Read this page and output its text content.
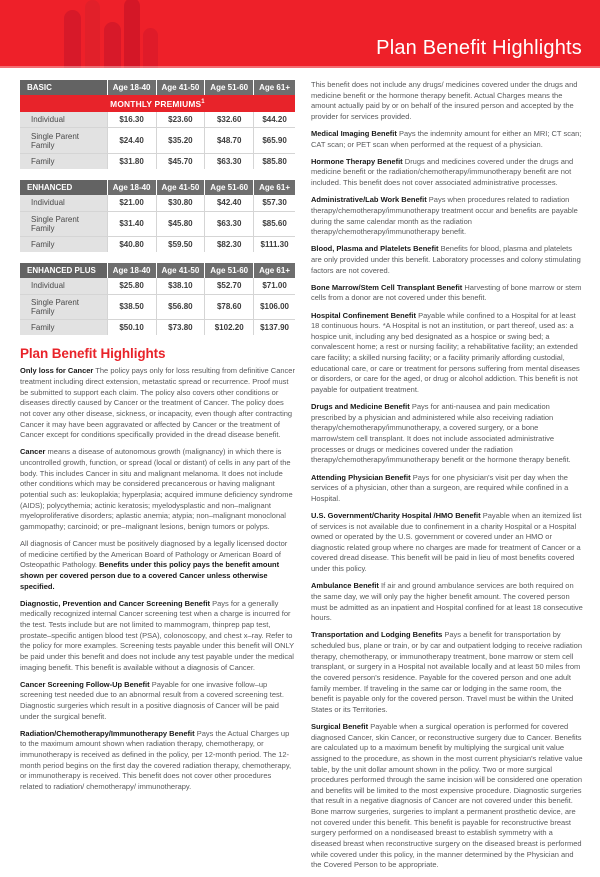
Plan Benefit Highlights
MONTHLY PREMIUMS$^1$
BASIC	Age 18-40	Age 41-50	Age 51-60	Age 61+
Individual	$16.30	$23.60	$32.60	$44.20
Single Parent Family	$24.40	$35.20	$48.70	$65.90
Family	$31.80	$45.70	$63.30	$85.80
ENHANCED	Age 18-40	Age 41-50	Age 51-60	Age 61+
Individual	$21.00	$30.80	$42.40	$57.30
Single Parent Family	$31.40	$45.80	$63.30	$85.60
Family	$40.80	$59.50	$82.30	$111.30
ENHANCED PLUS	Age 18-40	Age 41-50	Age 51-60	Age 61+
Individual	$25.80	$38.10	$52.70	$71.00
Single Parent Family	$38.50	$56.80	$78.60	$106.00
Family	$50.10	$73.80	$102.20	$137.90
Plan Benefit Highlights

Only loss for Cancer The policy pays only for loss resulting from definitive Cancer treatment including direct extension, metastatic spread or recurrence. Proof must be submitted to support each claim. The policy also covers other conditions or diseases directly caused by Cancer or the treatment of Cancer. The policy does not cover any other disease, sickness, or incapacity, even though after contracting Cancer it may have been aggravated or affected by Cancer or the treatment of Cancer except for conditions specifically provided in the dread disease benefit.

Cancer means a disease of autonomous growth (malignancy) in which there is uncontrolled growth, function, or spread (local or distant) of cells in any part of the body. This includes Cancer in situ and malignant melanoma. It does not include other conditions which may be considered precancerous or having malignant potential such as: leukoplakia; hyperplasia; acquired immune deficiency syndrome (AIDS); polycythemia; actinic keratosis; myelodysplastic and non–malignant myeloproliferative disorders; aplastic anemia; atypia; non–malignant monoclonal gammopathy; carcinoid; or pre–malignant lesions, benign tumors or polyps.

All diagnosis of Cancer must be positively diagnosed by a legally licensed doctor of medicine certified by the American Board of Pathology or American Board of Osteopathic Pathology. Benefits under this policy pays the benefit amount shown per covered person due to a covered Cancer unless otherwise specified.

Diagnostic, Prevention and Cancer Screening Benefit Pays for a generally medically recognized internal Cancer screening test when a charge is incurred for the test. Tests include but are not limited to mammogram, thinprep pap test, prostate–specific antigen blood test (PSA), colonoscopy, and chest x–ray. Refer to the policy for more examples. Screening tests payable under this benefit will ONLY be paid under this benefit and does not include any test payable under the medical imaging benefit. This benefit is available without a diagnosis of Cancer.

Cancer Screening Follow-Up Benefit Payable for one invasive follow–up screening test needed due to an abnormal result from a covered screening test. Diagnostic surgeries which result in a positive diagnosis of Cancer will be paid under the surgical benefit.

Radiation/Chemotherapy/Immunotherapy Benefit Pays the Actual Charges up to the maximum amount shown when radiation therapy, chemotherapy, or immunotherapy is received as defined in the policy, per 12-month period. The 12-month period begins on the first day the covered radiation therapy, chemotherapy, or immunotherapy is received. This benefit does not cover other procedures related to radiation/ chemotherapy/ immunotherapy.

This benefit does not include any drugs/ medicines covered under the drugs and medicine benefit or the hormone therapy benefit. Actual Charges means the amount actually paid by or on behalf of the insured person and accepted by the provider for services provided.

Medical Imaging Benefit Pays the indemnity amount for either an MRI; CT scan; CAT scan; or PET scan when performed at the request of a physician.

Hormone Therapy Benefit Drugs and medicines covered under the drugs and medicine benefit or the radiation/chemotherapy/immunotherapy benefit are not included. This benefit does not cover associated administrative processes.

Administrative/Lab Work Benefit Pays when procedures related to radiation therapy/chemotherapy/immunotherapy treatment occur and benefits are payable during the same calendar month as the radiation therapy/chemotherapy/immunotherapy benefit.

Blood, Plasma and Platelets Benefit Benefits for blood, plasma and platelets are only provided under this benefit. Laboratory processes and colony stimulating factors are not covered.

Bone Marrow/Stem Cell Transplant Benefit Harvesting of bone marrow or stem cells from a donor are not covered under this benefit.

Hospital Confinement Benefit Payable while confined to a Hospital for at least 18 continuous hours. *A Hospital is not an institution, or part thereof, used as: a hospice unit, including any bed designated as a hospice or swing bed; a convalescent home; a rest or nursing facility; a rehabilitative facility; an extended care facility; a skilled nursing facility; or a facility primarily affording custodial, educational care, or care or treatment for persons suffering from mental diseases or disorders, or care for the aged, or drug or alcohol addiction. This benefit is not payable for outpatient treatment.

Drugs and Medicine Benefit Pays for anti-nausea and pain medication prescribed by a physician and administered while also receiving radiation therapy/chemotherapy/immunotherapy, a covered surgery, or a bone marrow/stem cell transplant. It does not include associated administrative processes or drugs or medicines covered under the radiation therapy/chemotherapy/immunotherapy benefit or the hormone therapy benefit.

Attending Physician Benefit Pays for one physician's visit per day when the services of a physician, other than a surgeon, are required while confined in a Hospital.

U.S. Government/Charity Hospital /HMO Benefit Payable when an itemized list of services is not available due to confinement in a charity Hospital or a Hospital owned or operated by the U.S. government or covered under an HMO or diagnostic related group where no charges are made for treatment of Cancer or a covered dread disease. This benefit will be paid in lieu of most benefits covered under this policy.

Ambulance Benefit If air and ground ambulance services are both required on the same day, we will only pay the higher benefit amount. The covered person must be admitted as an inpatient and Hospital confined for at least 18 consecutive hours.

Transportation and Lodging Benefits Pays a benefit for transportation by scheduled bus, plane or train, or by car and outpatient lodging to receive radiation therapy, chemotherapy, or immunotherapy treatment, bone marrow or stem cell transplant, or surgery in a Hospital not available locally and at least 50 miles from the covered person's residence. Payable for the covered person and one adult family member. If traveling in the same car or lodging in the same room, the benefit is payable only for the covered person. Travel must be within the United States or its Territories.

Surgical Benefit Payable when a surgical operation is performed for covered diagnosed Cancer, skin Cancer, or reconstructive surgery due to Cancer. Benefits are calculated up to a maximum benefit by multiplying the surgical unit value assigned to the procedure, as shown in the most current physician's relative value table, by the unit dollar amount shown in the policy. Two or more surgical procedures performed through the same incision will be considered one operation and benefits will be limited to the most expensive procedure. Diagnostic surgeries that result in a negative diagnosis of Cancer are not covered under this benefit. Bone marrow surgeries, surgeries to implant a permanent prosthetic device, are not covered under this benefit. This benefit is payable for reconstructive breast surgery performed on a nondiseased breast to establish symmetry with a diseased breast when reconstructive surgery on the diseased breast is performed while covered under this policy, in the manner determined by the Physician and the Covered Person to be appropriate.
